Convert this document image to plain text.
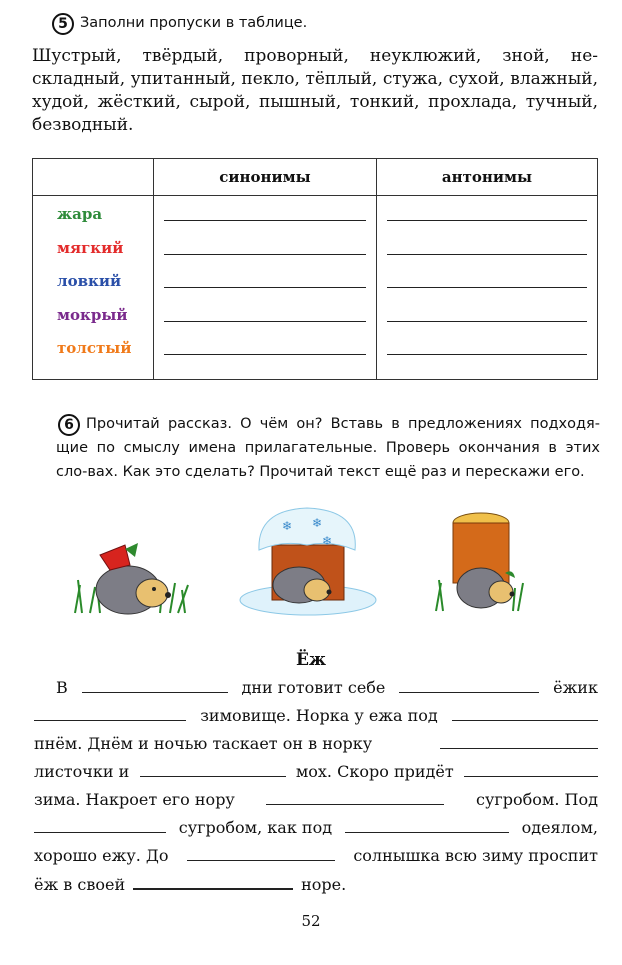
5 Заполни пропуски в таблице.
Шустрый, твёрдый, проворный, неуклюжий, зной, не-складный, упитанный, пекло, тёплый, стужа, сухой, влажный, худой, жёсткий, сырой, пышный, тонкий, прохлада, тучный, безводный.
	синонимы	антонимы

жара
мягкий
ловкий
мокрый
толстый		

6 Прочитай рассказ. О чём он? Вставь в предложениях подходя-щие по смыслу имена прилагательные. Проверь окончания в этих сло-вах. Как это сделать? Прочитай текст ещё раз и перескажи его.
❄ ❄
❄
Ёж
В	дни готовит себе	ёжик
зимовище. Норка у ежа под
пнём. Днём и ночью таскает он в норку
листочки и	мох. Скоро придёт
зима. Накроет его нору	сугробом. Под
сугробом, как под	одеялом,
хорошо ежу. До	солнышка всю зиму проспит
ёж в своей	норе.
52
